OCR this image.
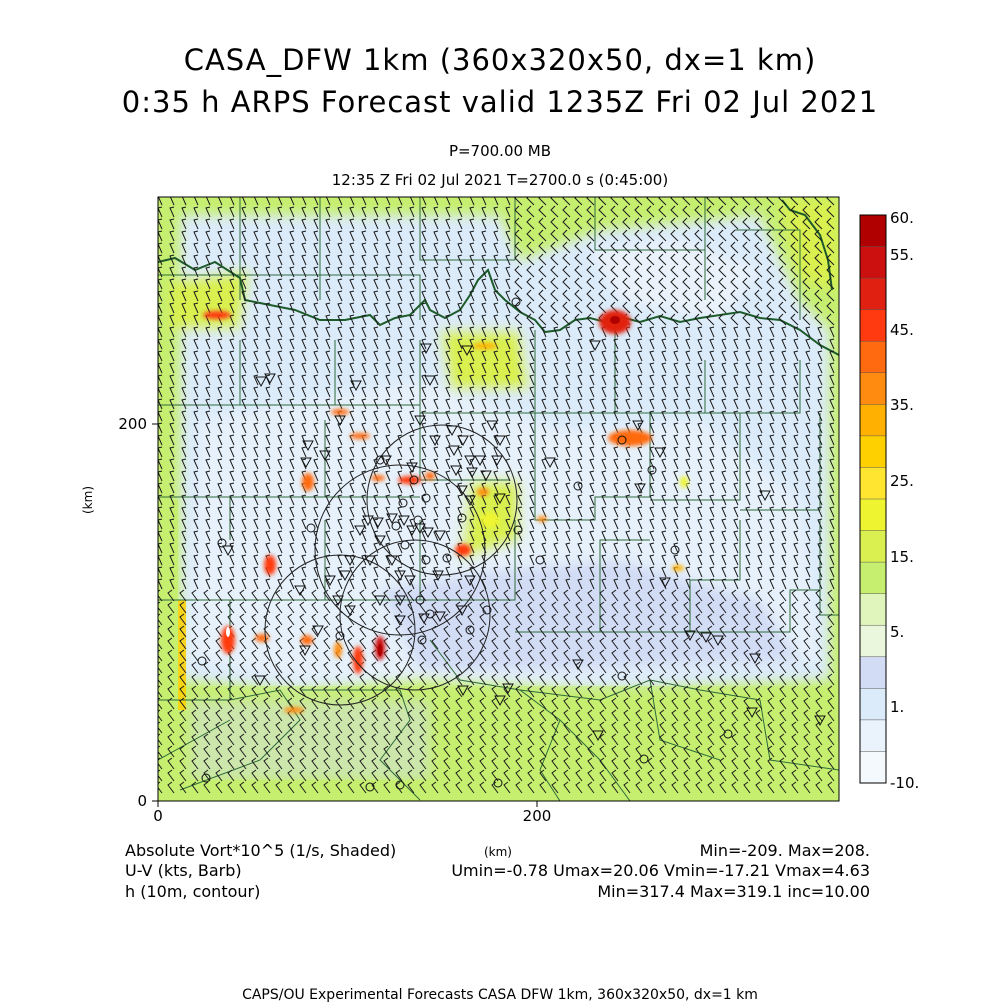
CASA_DFW 1km (360x320x50, dx=1 km)
0:35 h ARPS Forecast valid 1235Z Fri 02 Jul 2021
P=700.00 MB
12:35 Z Fri 02 Jul 2021 T=2700.0 s (0:45:00)
0	200
0
200
(km)
60.
55.
45.
35.
25.
15.
5.
1.
-10.
Absolute Vort*10^5 (1/s, Shaded)
U-V (kts, Barb)
h (10m, contour)
(km)	Min=-209. Max=208.
Umin=-0.78 Umax=20.06 Vmin=-17.21 Vmax=4.63
Min=317.4 Max=319.1 inc=10.00
CAPS/OU Experimental Forecasts CASA DFW 1km, 360x320x50, dx=1 km
